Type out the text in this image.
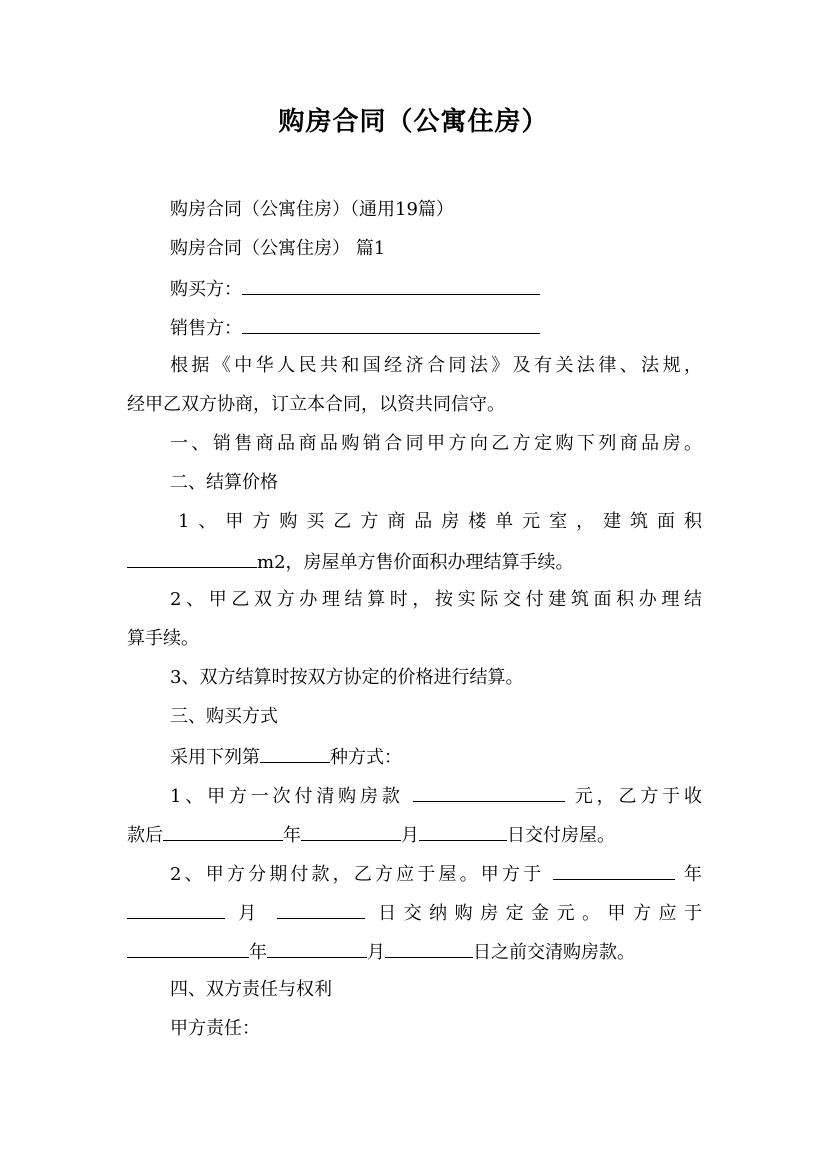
购房合同（公寓住房）
购房合同（公寓住房）（通用19篇）
购房合同（公寓住房） 篇1
购买方：
销售方：
根据《中华人民共和国经济合同法》及有关法律、法规，
经甲乙双方协商，订立本合同，以资共同信守。
一、销售商品商品购销合同甲方向乙方定购下列商品房。
二、结算价格
1、甲方购买乙方商品房楼单元室，建筑面积
m2，房屋单方售价面积办理结算手续。
2、甲乙双方办理结算时，按实际交付建筑面积办理结
算手续。
3、双方结算时按双方协定的价格进行结算。
三、购买方式
采用下列第	种方式：
1、甲方一次付清购房款	元，乙方于收
款后	年	月	日交付房屋。
2、甲方分期付款，乙方应于屋。甲方于	年
月	日交纳购房定金元。甲方应于
年	月	日之前交清购房款。
四、双方责任与权利
甲方责任：
